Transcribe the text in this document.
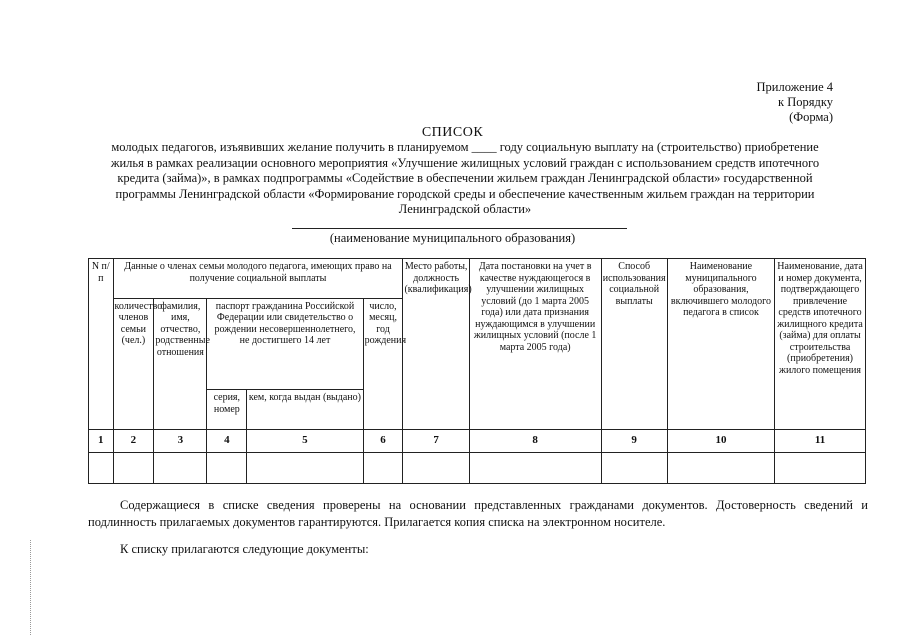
Приложение 4
к Порядку
(Форма)
СПИСОК
молодых педагогов, изъявивших желание получить в планируемом ____ году социальную выплату на (строительство) приобретение жилья в рамках реализации основного мероприятия «Улучшение жилищных условий граждан с использованием средств ипотечного кредита (займа)», в рамках подпрограммы «Содействие в обеспечении жильем граждан Ленинградской области» государственной программы Ленинградской области «Формирование городской среды и обеспечение качественным жильем граждан на территории Ленинградской области»
(наименование муниципального образования)
N п/п	Данные о членах семьи молодого педагога, имеющих право на получение социальной выплаты					Место работы, должность (квалификация)	Дата постановки на учет в качестве нуждающегося в улучшении жилищных условий (до 1 марта 2005 года) или дата признания нуждающимся в улучшении жилищных условий (после 1 марта 2005 года)	Способ использования социальной выплаты	Наименование муниципального образования, включившего молодого педагога в список	Наименование, дата и номер документа, подтверждающего привлечение средств ипотечного жилищного кредита (займа) для оплаты строительства (приобретения) жилого помещения
	количество членов семьи (чел.)	фамилия, имя, отчество, родственные отношения	паспорт гражданина Российской Федерации или свидетельство о рождении несовершеннолетнего, не достигшего 14 лет		число, месяц, год рождения					
			серия, номер	кем, когда выдан (выдано)						
1	2	3	4	5	6	7	8	9	10	11

Содержащиеся в списке сведения проверены на основании представленных гражданами документов. Достоверность сведений и подлинность прилагаемых документов гарантируются. Прилагается копия списка на электронном носителе.
К списку прилагаются следующие документы:
